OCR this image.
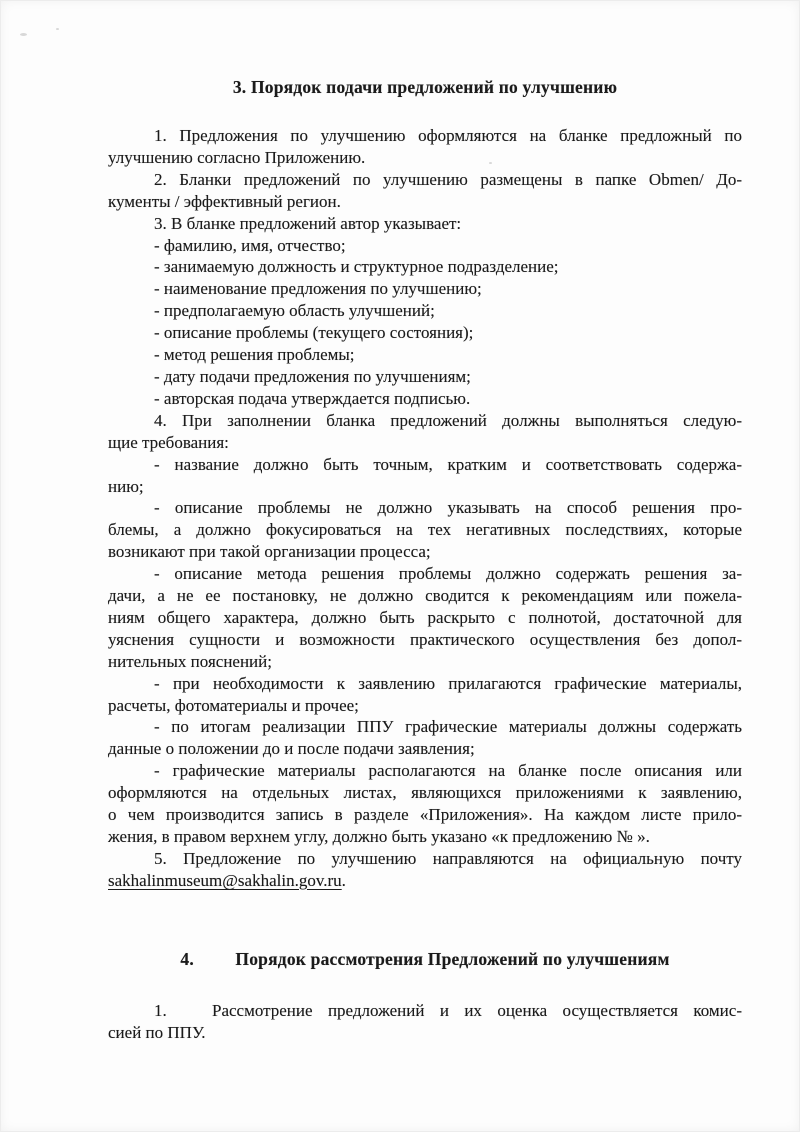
3. Порядок подачи предложений по улучшению
1. Предложения по улучшению оформляются на бланке предложный по
улучшению согласно Приложению.
2. Бланки предложений по улучшению размещены в папке Obmen/ До-
кументы / эффективный регион.
3. В бланке предложений автор указывает:
- фамилию, имя, отчество;
- занимаемую должность и структурное подразделение;
- наименование предложения по улучшению;
- предполагаемую область улучшений;
- описание проблемы (текущего состояния);
- метод решения проблемы;
- дату подачи предложения по улучшениям;
- авторская подача утверждается подписью.
4. При заполнении бланка предложений должны выполняться следую-
щие требования:
- название должно быть точным, кратким и соответствовать содержа-
нию;
- описание проблемы не должно указывать на способ решения про-
блемы, а должно фокусироваться на тех негативных последствиях, которые
возникают при такой организации процесса;
- описание метода решения проблемы должно содержать решения за-
дачи, а не ее постановку, не должно сводится к рекомендациям или пожела-
ниям общего характера, должно быть раскрыто с полнотой, достаточной для
уяснения сущности и возможности практического осуществления без допол-
нительных пояснений;
- при необходимости к заявлению прилагаются графические материалы,
расчеты, фотоматериалы и прочее;
- по итогам реализации ППУ графические материалы должны содержать
данные о положении до и после подачи заявления;
- графические материалы располагаются на бланке после описания или
оформляются на отдельных листах, являющихся приложениями к заявлению,
о чем производится запись в разделе «Приложения». На каждом листе прило-
жения, в правом верхнем углу, должно быть указано «к предложению № ».
5. Предложение по улучшению направляются на официальную почту
sakhalinmuseum@sakhalin.gov.ru.
4. Порядок рассмотрения Предложений по улучшениям
1.	Рассмотрение предложений и их оценка осуществляется комис-
сией по ППУ.
